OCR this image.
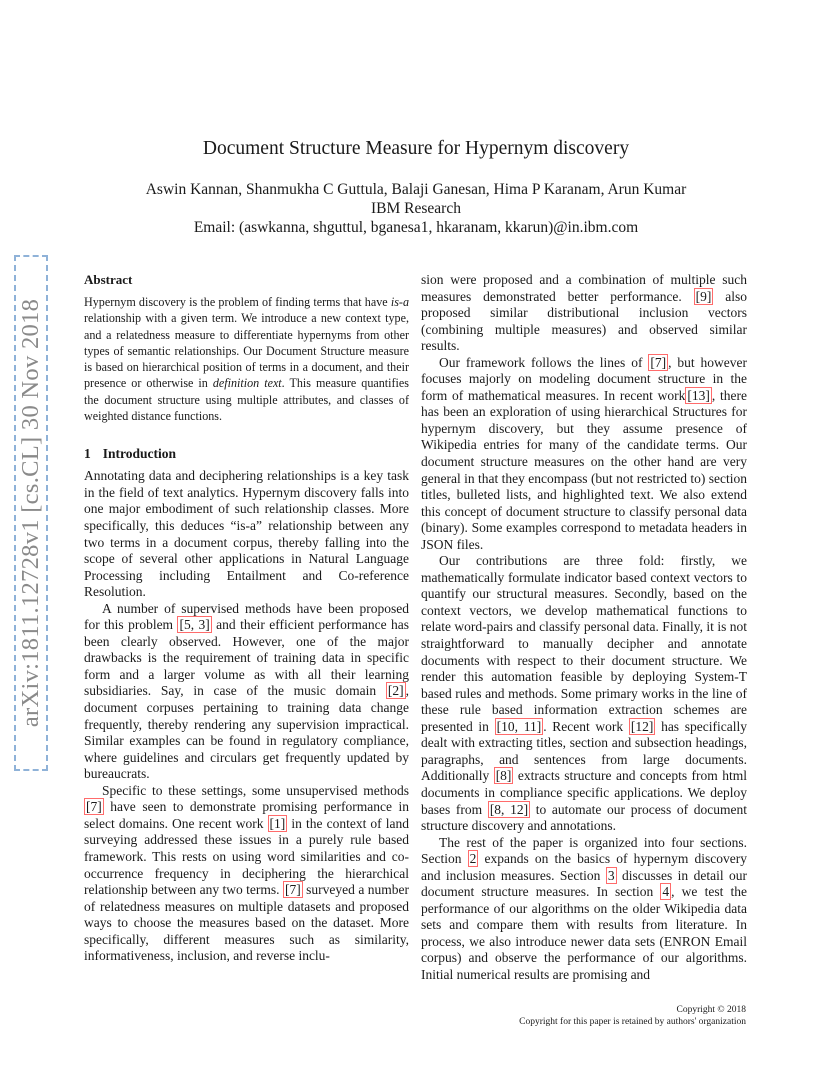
arXiv:1811.12728v1 [cs.CL] 30 Nov 2018
Document Structure Measure for Hypernym discovery
Aswin Kannan, Shanmukha C Guttula, Balaji Ganesan, Hima P Karanam, Arun Kumar
IBM Research
Email: (aswkanna, shguttul, bganesa1, hkaranam, kkarun)@in.ibm.com
Abstract

Hypernym discovery is the problem of finding terms that have is-a relationship with a given term. We introduce a new context type, and a relatedness measure to differentiate hypernyms from other types of semantic relationships. Our Document Structure measure is based on hierarchical position of terms in a document, and their presence or otherwise in definition text. This measure quantifies the document structure using multiple attributes, and classes of weighted distance functions.

1 Introduction

Annotating data and deciphering relationships is a key task in the field of text analytics. Hypernym discovery falls into one major embodiment of such relationship classes. More specifically, this deduces “is-a” relationship between any two terms in a document corpus, thereby falling into the scope of several other applications in Natural Language Processing including Entailment and Co-reference Resolution.

A number of supervised methods have been proposed for this problem [5, 3] and their efficient performance has been clearly observed. However, one of the major drawbacks is the requirement of training data in specific form and a larger volume as with all their learning subsidiaries. Say, in case of the music domain [2] , document corpuses pertaining to training data change frequently, thereby rendering any supervision impractical. Similar examples can be found in regulatory compliance, where guidelines and circulars get frequently updated by bureaucrats.

Specific to these settings, some unsupervised methods [7] have seen to demonstrate promising performance in select domains. One recent work [1] in the context of land surveying addressed these issues in a purely rule based framework. This rests on using word similarities and co-occurrence frequency in deciphering the hierarchical relationship between any two terms. [7] surveyed a number of relatedness measures on multiple datasets and proposed ways to choose the measures based on the dataset. More specifically, different measures such as similarity, informativeness, inclusion, and reverse inclu-

sion were proposed and a combination of multiple such measures demonstrated better performance. [9] also proposed similar distributional inclusion vectors (combining multiple measures) and observed similar results.

Our framework follows the lines of [7] , but however focuses majorly on modeling document structure in the form of mathematical measures. In recent work [13] , there has been an exploration of using hierarchical Structures for hypernym discovery, but they assume presence of Wikipedia entries for many of the candidate terms. Our document structure measures on the other hand are very general in that they encompass (but not restricted to) section titles, bulleted lists, and highlighted text. We also extend this concept of document structure to classify personal data (binary). Some examples correspond to metadata headers in JSON files.

Our contributions are three fold: firstly, we mathematically formulate indicator based context vectors to quantify our structural measures. Secondly, based on the context vectors, we develop mathematical functions to relate word-pairs and classify personal data. Finally, it is not straightforward to manually decipher and annotate documents with respect to their document structure. We render this automation feasible by deploying System-T based rules and methods. Some primary works in the line of these rule based information extraction schemes are presented in [10, 11] . Recent work [12] has specifically dealt with extracting titles, section and subsection headings, paragraphs, and sentences from large documents. Additionally [8] extracts structure and concepts from html documents in compliance specific applications. We deploy bases from [8, 12] to automate our process of document structure discovery and annotations.

The rest of the paper is organized into four sections. Section 2 expands on the basics of hypernym discovery and inclusion measures. Section 3 discusses in detail our document structure measures. In section 4 , we test the performance of our algorithms on the older Wikipedia data sets and compare them with results from literature. In process, we also introduce newer data sets (ENRON Email corpus) and observe the performance of our algorithms. Initial numerical results are promising and

Copyright © 2018
Copyright for this paper is retained by authors' organization
